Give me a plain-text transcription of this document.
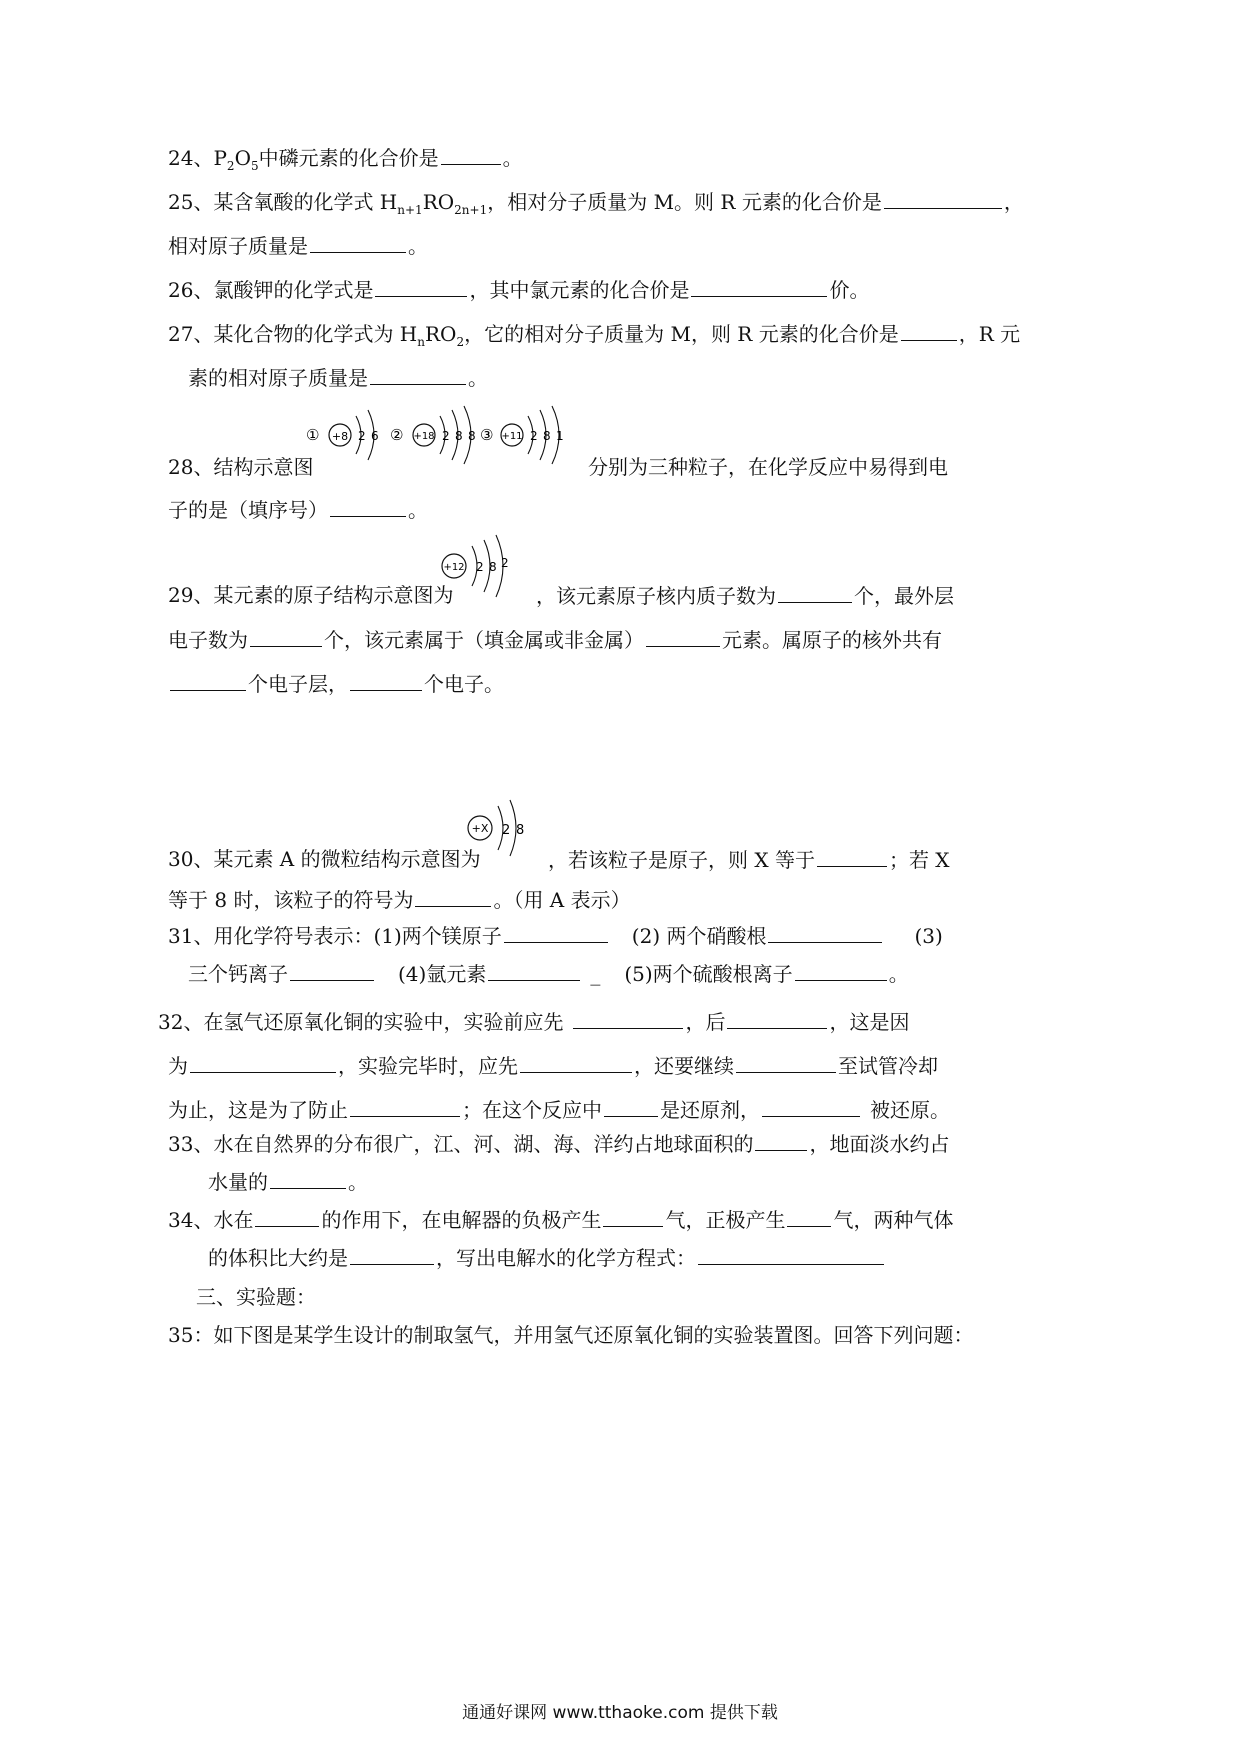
24、$P_2O_5$中磷元素的化合价是	。
25、某含氧酸的化学式 $H_{n+1}RO_{2n+1}$，相对分子质量为 M。则 R 元素的化合价是	，
相对原子质量是	。
26、氯酸钾的化学式是	，其中氯元素的化合价是	价。
27、某化合物的化学式为 $H_nRO_2$，它的相对分子质量为 M，则 R 元素的化合价是	，R 元
素的相对原子质量是	。
① +8 2 6 ② +18 2 8 8 ③ +11 2 8 1
28、结构示意图	分别为三种粒子，在化学反应中易得到电
子的是（填序号）	。
+12 2 8 2
29、某元素的原子结构示意图为	，该元素原子核内质子数为	个，最外层
电子数为	个，该元素属于（填金属或非金属）	元素。属原子的核外共有
个电子层，	个电子。
+X 2 8
30、某元素 A 的微粒结构示意图为	，若该粒子是原子，则 X 等于	；若 X
等于 8 时，该粒子的符号为	。（用 A 表示）
31、用化学符号表示：(1)两个镁原子	(2) 两个硝酸根	(3)
三个钙离子	(4)氩元素	_ (5)两个硫酸根离子	。
32、在氢气还原氧化铜的实验中，实验前应先	，后	，这是因
为	，实验完毕时，应先	，还要继续	至试管冷却
为止，这是为了防止	；在这个反应中	是还原剂，	被还原。
33、水在自然界的分布很广，江、河、湖、海、洋约占地球面积的	，地面淡水约占
水量的	。
34、水在	的作用下，在电解器的负极产生	气，正极产生 气，两种气体
的体积比大约是	，写出电解水的化学方程式：
三、实验题：
35：如下图是某学生设计的制取氢气，并用氢气还原氧化铜的实验装置图。回答下列问题：
通通好课网 www.tthaoke.com 提供下载
